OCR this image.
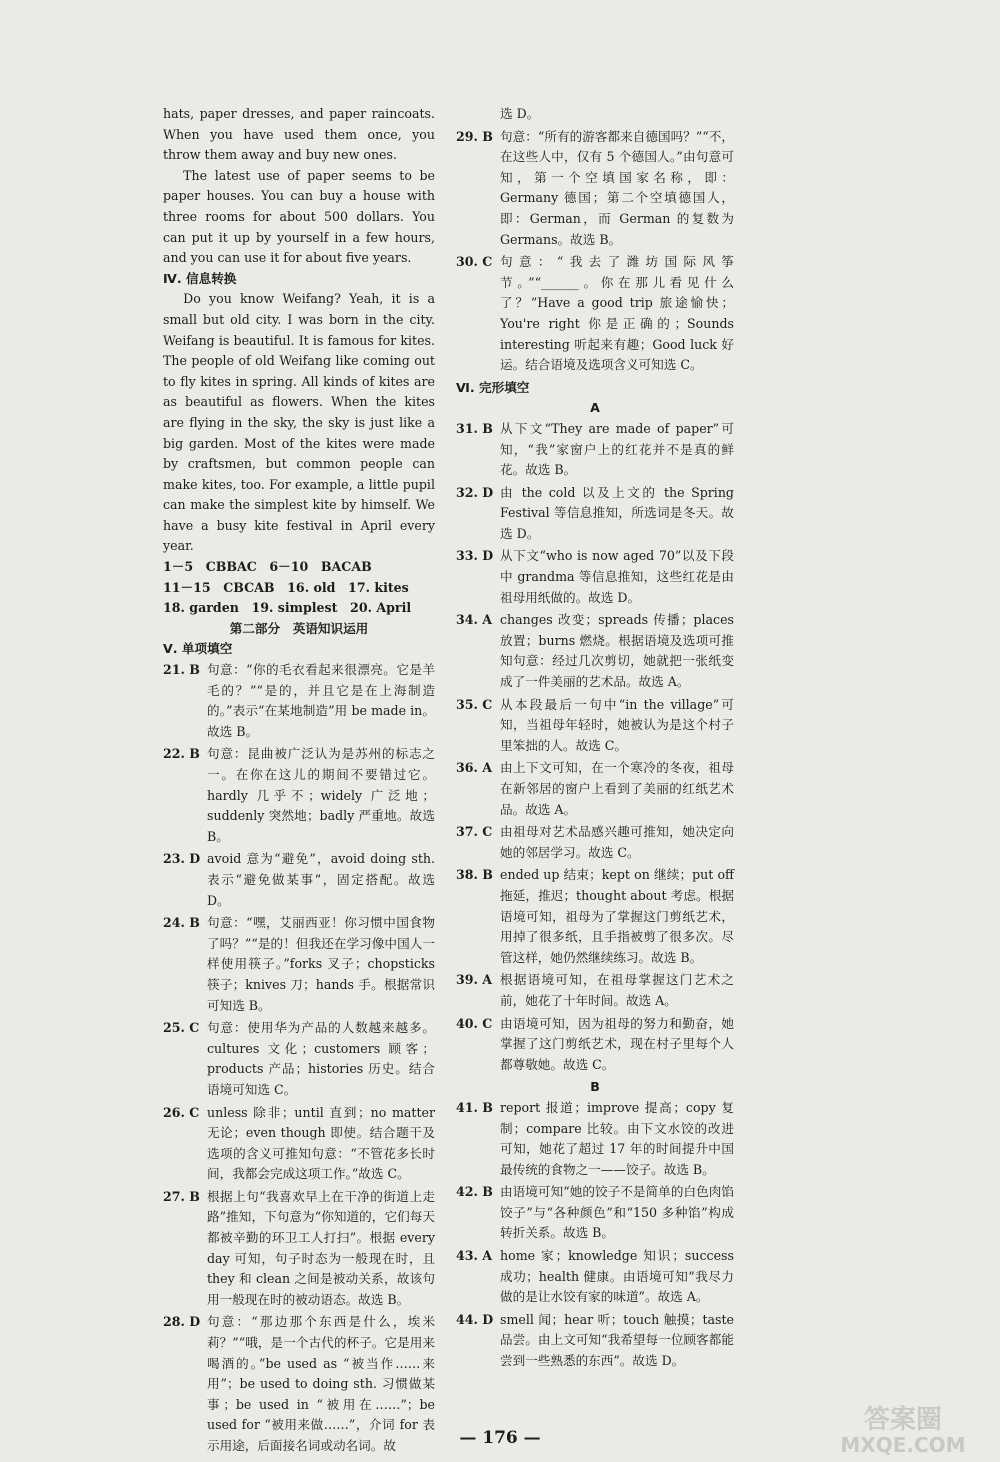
hats, paper dresses, and paper raincoats. When you have used them once, you throw them away and buy new ones.

The latest use of paper seems to be paper houses. You can buy a house with three rooms for about 500 dollars. You can put it up by yourself in a few hours, and you can use it for about five years.

Ⅳ. 信息转换

Do you know Weifang? Yeah, it is a small but old city. I was born in the city. Weifang is beautiful. It is famous for kites. The people of old Weifang like coming out to fly kites in spring. All kinds of kites are as beautiful as flowers. When the kites are flying in the sky, the sky is just like a big garden. Most of the kites were made by craftsmen, but common people can make kites, too. For example, a little pupil can make the simplest kite by himself. We have a busy kite festival in April every year.

1－5　CBBAC　6－10　BACAB

11－15　CBCAB　16. old　17. kites

18. garden　19. simplest　20. April

第二部分　英语知识运用

Ⅴ. 单项填空

21. B 句意：“你的毛衣看起来很漂亮。它是羊毛的？”“是的，并且它是在上海制造的。”表示“在某地制造”用 be made in。故选 B。
22. B 句意：昆曲被广泛认为是苏州的标志之一。在你在这儿的期间不要错过它。hardly 几乎不；widely 广泛地；suddenly 突然地；badly 严重地。故选 B。
23. D avoid 意为“避免”，avoid doing sth. 表示“避免做某事”，固定搭配。故选 D。
24. B 句意：“嘿，艾丽西亚！你习惯中国食物了吗？”“是的！但我还在学习像中国人一样使用筷子。”forks 叉子；chopsticks 筷子；knives 刀；hands 手。根据常识可知选 B。
25. C 句意：使用华为产品的人数越来越多。cultures 文化；customers 顾客；products 产品；histories 历史。结合语境可知选 C。
26. C unless 除非；until 直到；no matter 无论；even though 即使。结合题干及选项的含义可推知句意：“不管花多长时间，我都会完成这项工作。”故选 C。
27. B 根据上句“我喜欢早上在干净的街道上走路”推知，下句意为“你知道的，它们每天都被辛勤的环卫工人打扫”。根据 every day 可知，句子时态为一般现在时，且 they 和 clean 之间是被动关系，故该句用一般现在时的被动语态。故选 B。
28. D 句意：“那边那个东西是什么，埃米莉？”“哦，是一个古代的杯子。它是用来喝酒的。”be used as “被当作……来用”；be used to doing sth. 习惯做某事；be used in “被用在……”；be used for “被用来做……”，介词 for 表示用途，后面接名词或动名词。故

选 D。

29. B 句意：“所有的游客都来自德国吗？”“不，在这些人中，仅有 5 个德国人。”由句意可知，第一个空填国家名称，即：Germany 德国；第二个空填德国人，即：German，而 German 的复数为 Germans。故选 B。
30. C 句意：“我去了潍坊国际风筝节。”“______。你在那儿看见什么了？”Have a good trip 旅途愉快；You're right 你是正确的；Sounds interesting 听起来有趣；Good luck 好运。结合语境及选项含义可知选 C。

Ⅵ. 完形填空

A
31. B 从下文“They are made of paper”可知，“我”家窗户上的红花并不是真的鲜花。故选 B。
32. D 由 the cold 以及上文的 the Spring Festival 等信息推知，所选词是冬天。故选 D。
33. D 从下文“who is now aged 70”以及下段中 grandma 等信息推知，这些红花是由祖母用纸做的。故选 D。
34. A changes 改变；spreads 传播；places 放置；burns 燃烧。根据语境及选项可推知句意：经过几次剪切，她就把一张纸变成了一件美丽的艺术品。故选 A。
35. C 从本段最后一句中“in the village”可知，当祖母年轻时，她被认为是这个村子里笨拙的人。故选 C。
36. A 由上下文可知，在一个寒冷的冬夜，祖母在新邻居的窗户上看到了美丽的红纸艺术品。故选 A。
37. C 由祖母对艺术品感兴趣可推知，她决定向她的邻居学习。故选 C。
38. B ended up 结束；kept on 继续；put off 拖延，推迟；thought about 考虑。根据语境可知，祖母为了掌握这门剪纸艺术，用掉了很多纸，且手指被剪了很多次。尽管这样，她仍然继续练习。故选 B。
39. A 根据语境可知，在祖母掌握这门艺术之前，她花了十年时间。故选 A。
40. C 由语境可知，因为祖母的努力和勤奋，她掌握了这门剪纸艺术，现在村子里每个人都尊敬她。故选 C。
B
41. B report 报道；improve 提高；copy 复制；compare 比较。由下文水饺的改进可知，她花了超过 17 年的时间提升中国最传统的食物之一——饺子。故选 B。
42. B 由语境可知“她的饺子不是简单的白色肉馅饺子”与“各种颜色”和“150 多种馅”构成转折关系。故选 B。
43. A home 家；knowledge 知识；success 成功；health 健康。由语境可知“我尽力做的是让水饺有家的味道”。故选 A。
44. D smell 闻；hear 听；touch 触摸；taste 品尝。由上文可知“我希望每一位顾客都能尝到一些熟悉的东西”。故选 D。
— 176 —
答案圈
MXQE.COM
